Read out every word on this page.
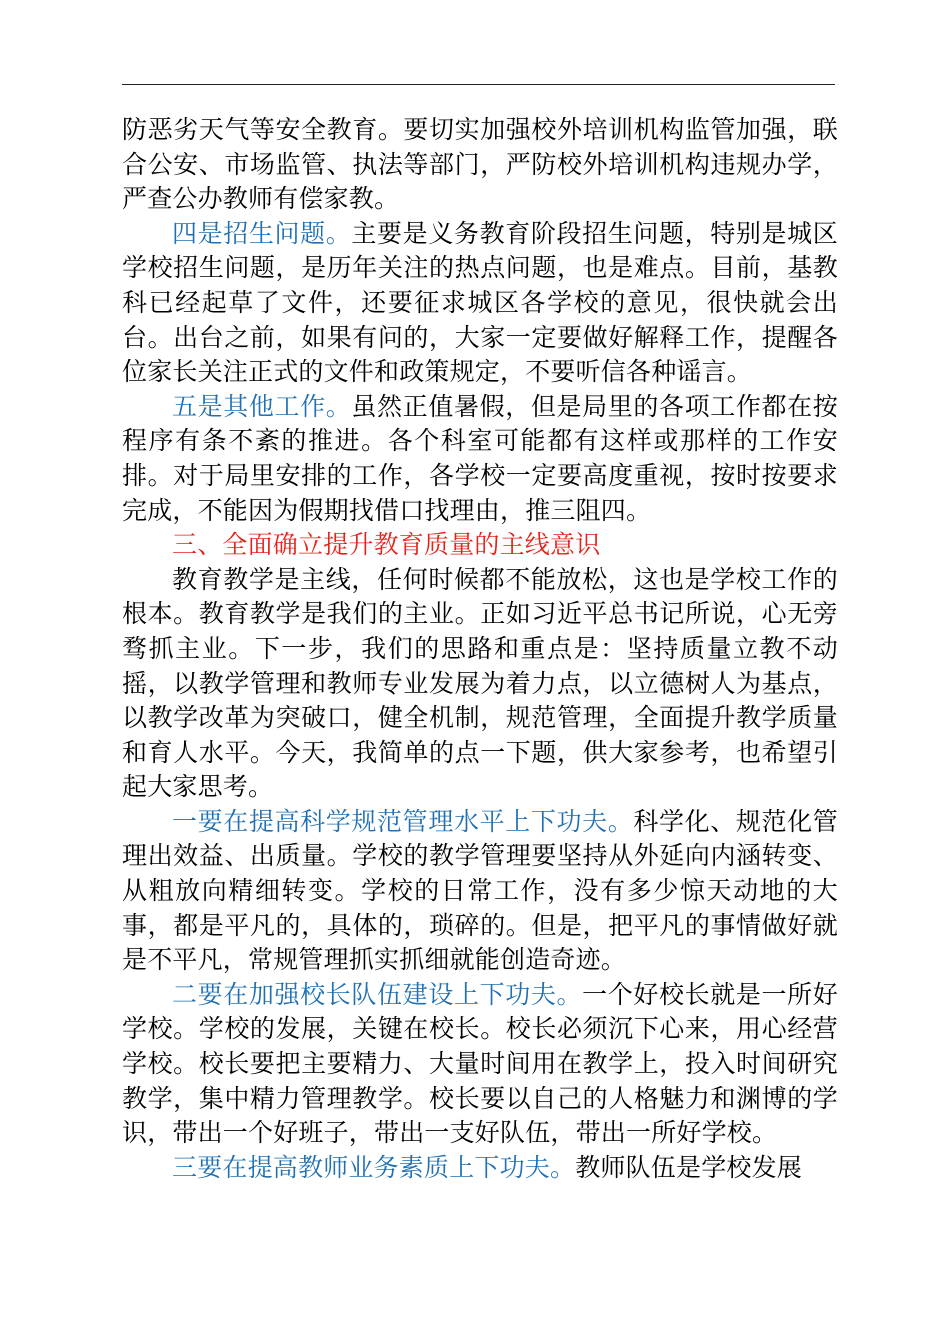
防恶劣天气等安全教育。要切实加强校外培训机构监管加强，联合公安、市场监管、执法等部门，严防校外培训机构违规办学，严查公办教师有偿家教。

四是招生问题。主要是义务教育阶段招生问题，特别是城区学校招生问题，是历年关注的热点问题，也是难点。目前，基教科已经起草了文件，还要征求城区各学校的意见，很快就会出台。出台之前，如果有问的，大家一定要做好解释工作，提醒各位家长关注正式的文件和政策规定，不要听信各种谣言。

五是其他工作。虽然正值暑假，但是局里的各项工作都在按程序有条不紊的推进。各个科室可能都有这样或那样的工作安排。对于局里安排的工作，各学校一定要高度重视，按时按要求完成，不能因为假期找借口找理由，推三阻四。

三、全面确立提升教育质量的主线意识

教育教学是主线，任何时候都不能放松，这也是学校工作的根本。教育教学是我们的主业。正如习近平总书记所说，心无旁骛抓主业。下一步，我们的思路和重点是：坚持质量立教不动摇，以教学管理和教师专业发展为着力点，以立德树人为基点，以教学改革为突破口，健全机制，规范管理，全面提升教学质量和育人水平。今天，我简单的点一下题，供大家参考，也希望引起大家思考。

一要在提高科学规范管理水平上下功夫。科学化、规范化管理出效益、出质量。学校的教学管理要坚持从外延向内涵转变、从粗放向精细转变。学校的日常工作，没有多少惊天动地的大事，都是平凡的，具体的，琐碎的。但是，把平凡的事情做好就是不平凡，常规管理抓实抓细就能创造奇迹。

二要在加强校长队伍建设上下功夫。一个好校长就是一所好学校。学校的发展，关键在校长。校长必须沉下心来，用心经营学校。校长要把主要精力、大量时间用在教学上，投入时间研究教学，集中精力管理教学。校长要以自己的人格魅力和渊博的学识，带出一个好班子，带出一支好队伍，带出一所好学校。

三要在提高教师业务素质上下功夫。教师队伍是学校发展
